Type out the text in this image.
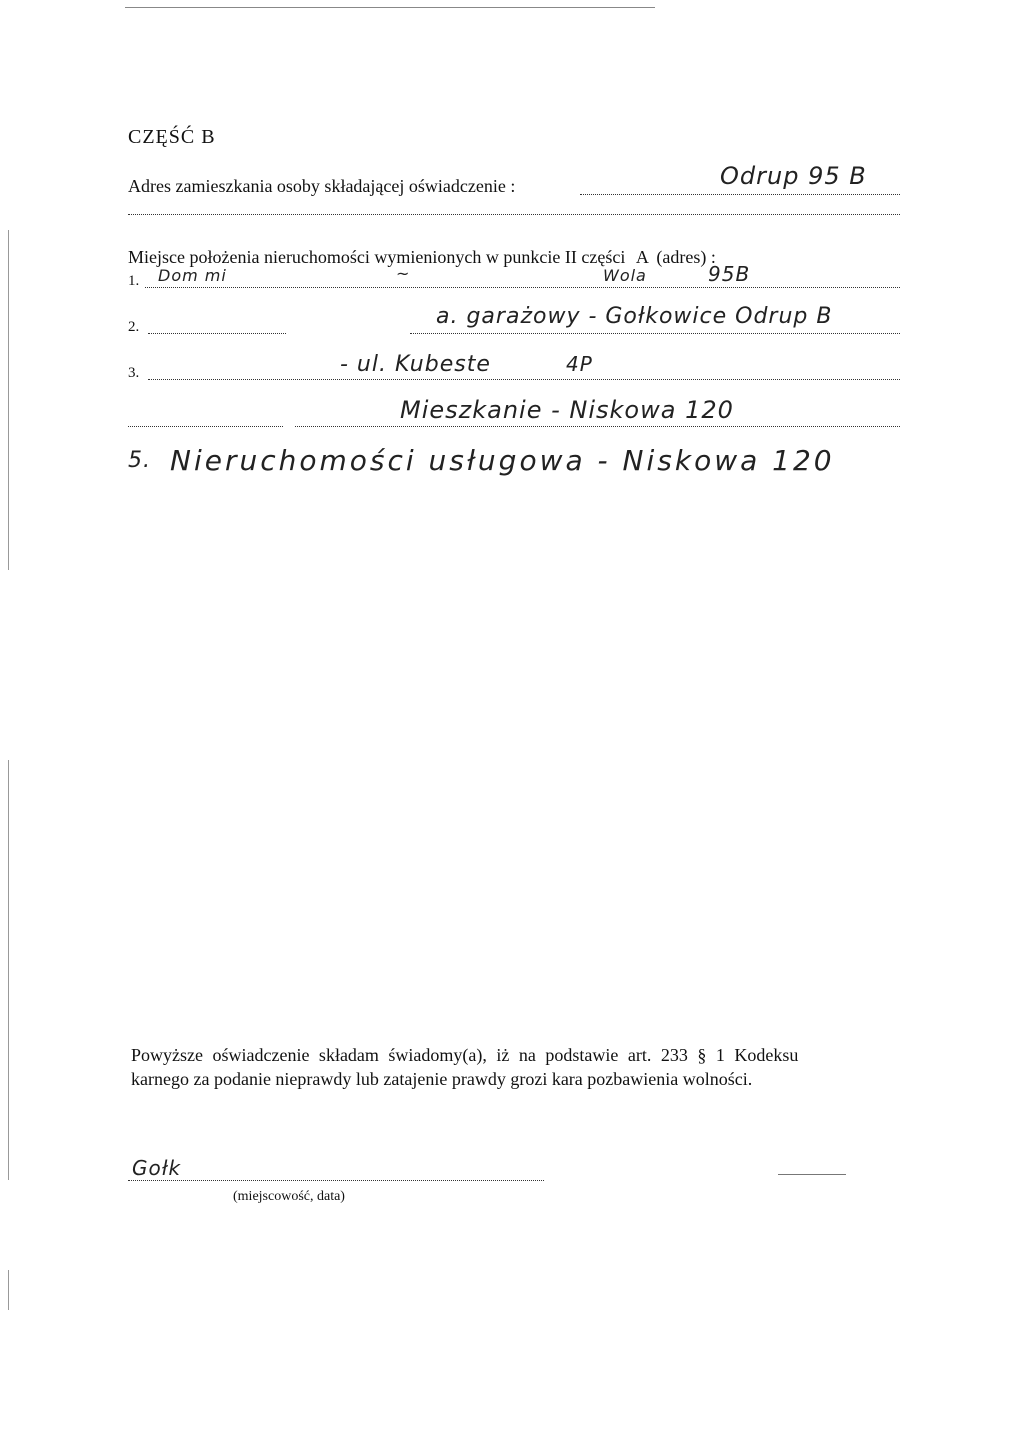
CZĘŚĆ B
Adres zamieszkania osoby składającej oświadczenie :	Odrup 95 B
Miejsce położenia nieruchomości wymienionych w punkcie II części A (adres) :
1. Dom mi	~	Wola	95B
2.	a. garażowy - Gołkowice Odrup B
3.	- ul. Kubeste	4P
Mieszkanie - Niskowa 120
5. Nieruchomości usługowa - Niskowa 120
Powyższe oświadczenie składam świadomy(a), iż na podstawie art. 233 § 1 Kodeksu
karnego za podanie nieprawdy lub zatajenie prawdy grozi kara pozbawienia wolności.
Gołk
(miejscowość, data)
